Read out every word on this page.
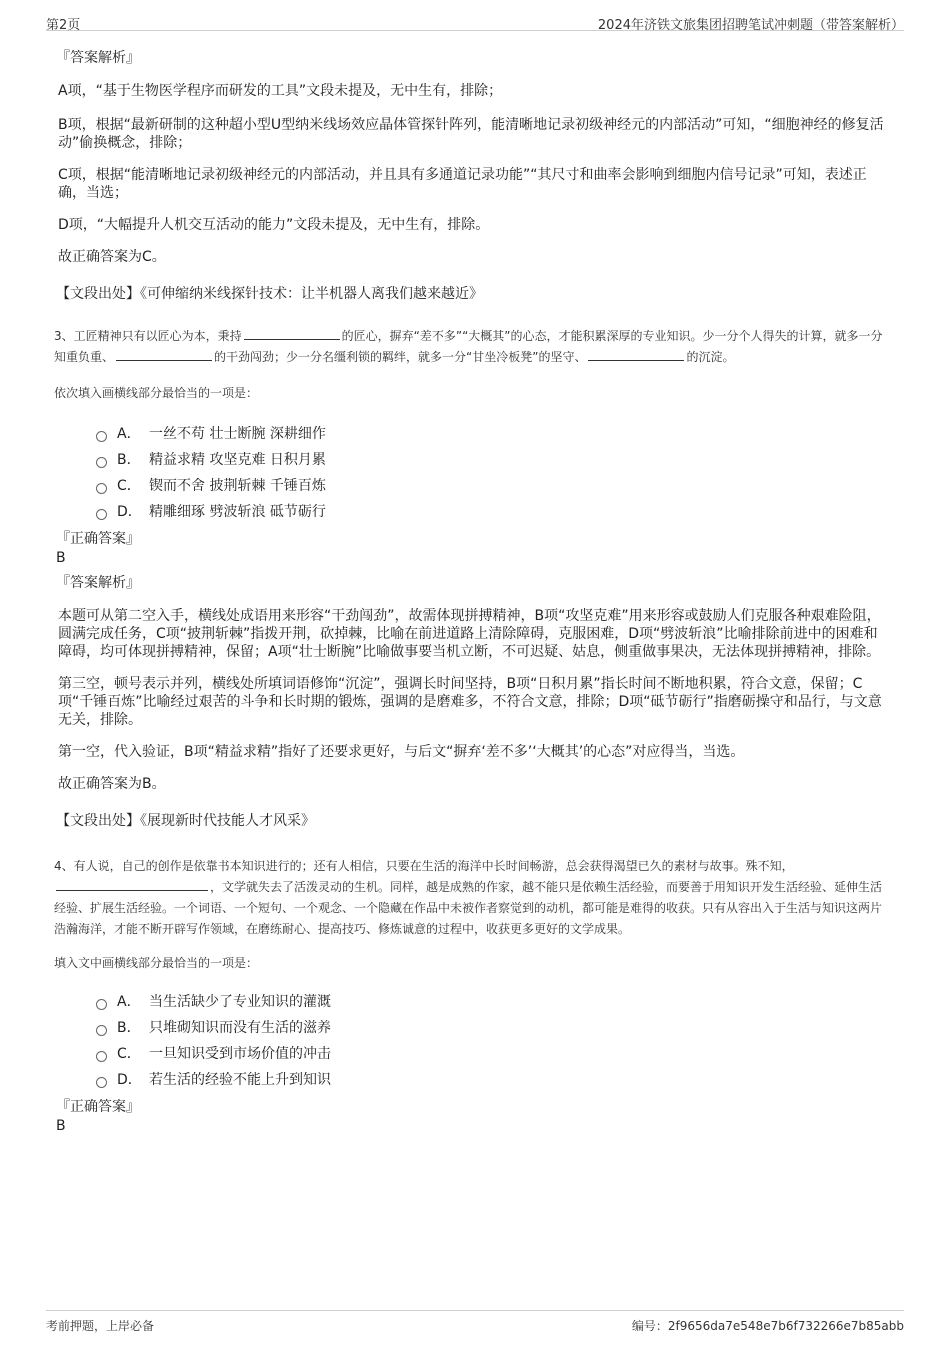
第2页	2024年济铁文旅集团招聘笔试冲刺题（带答案解析）
『答案解析』
A项，“基于生物医学程序而研发的工具”文段未提及，无中生有，排除；
B项，根据“最新研制的这种超小型U型纳米线场效应晶体管探针阵列，能清晰地记录初级神经元的内部活动”可知，“细胞神经的修复活动”偷换概念，排除；
C项，根据“能清晰地记录初级神经元的内部活动，并且具有多通道记录功能”“其尺寸和曲率会影响到细胞内信号记录”可知，表述正确，当选；
D项，“大幅提升人机交互活动的能力”文段未提及，无中生有，排除。
故正确答案为C。
【文段出处】《可伸缩纳米线探针技术：让半机器人离我们越来越近》
3、工匠精神只有以匠心为本，秉持	的匠心，摒弃“差不多”“大概其”的心态，才能积累深厚的专业知识。少一分个人得失的计算，就多一分知重负重、	的干劲闯劲；少一分名缰利锁的羁绊，就多一分“甘坐冷板凳”的坚守、	的沉淀。
依次填入画横线部分最恰当的一项是：
A． 一丝不苟 壮士断腕 深耕细作
B． 精益求精 攻坚克难 日积月累
C． 锲而不舍 披荆斩棘 千锤百炼
D． 精雕细琢 劈波斩浪 砥节砺行
『正确答案』
B
『答案解析』
本题可从第二空入手，横线处成语用来形容“干劲闯劲”，故需体现拼搏精神，B项“攻坚克难”用来形容或鼓励人们克服各种艰难险阻，圆满完成任务，C项“披荆斩棘”指拨开荆，砍掉棘，比喻在前进道路上清除障碍，克服困难，D项“劈波斩浪”比喻排除前进中的困难和障碍，均可体现拼搏精神，保留；A项“壮士断腕”比喻做事要当机立断，不可迟疑、姑息，侧重做事果决，无法体现拼搏精神，排除。
第三空，顿号表示并列，横线处所填词语修饰“沉淀”，强调长时间坚持，B项“日积月累”指长时间不断地积累，符合文意，保留；C项“千锤百炼”比喻经过艰苦的斗争和长时期的锻炼，强调的是磨难多，不符合文意，排除；D项“砥节砺行”指磨砺操守和品行，与文意无关，排除。
第一空，代入验证，B项“精益求精”指好了还要求更好，与后文“摒弃‘差不多’‘大概其’的心态”对应得当，当选。
故正确答案为B。
【文段出处】《展现新时代技能人才风采》
4、有人说，自己的创作是依靠书本知识进行的；还有人相信，只要在生活的海洋中长时间畅游，总会获得渴望已久的素材与故事。殊不知，，文学就失去了活泼灵动的生机。同样，越是成熟的作家，越不能只是依赖生活经验，而要善于用知识开发生活经验、延伸生活经验、扩展生活经验。一个词语、一个短句、一个观念、一个隐藏在作品中未被作者察觉到的动机，都可能是难得的收获。只有从容出入于生活与知识这两片浩瀚海洋，才能不断开辟写作领域，在磨练耐心、提高技巧、修炼诚意的过程中，收获更多更好的文学成果。
填入文中画横线部分最恰当的一项是：
A． 当生活缺少了专业知识的灌溉
B． 只堆砌知识而没有生活的滋养
C． 一旦知识受到市场价值的冲击
D． 若生活的经验不能上升到知识
『正确答案』
B
考前押题，上岸必备	编号：2f9656da7e548e7b6f732266e7b85abb
